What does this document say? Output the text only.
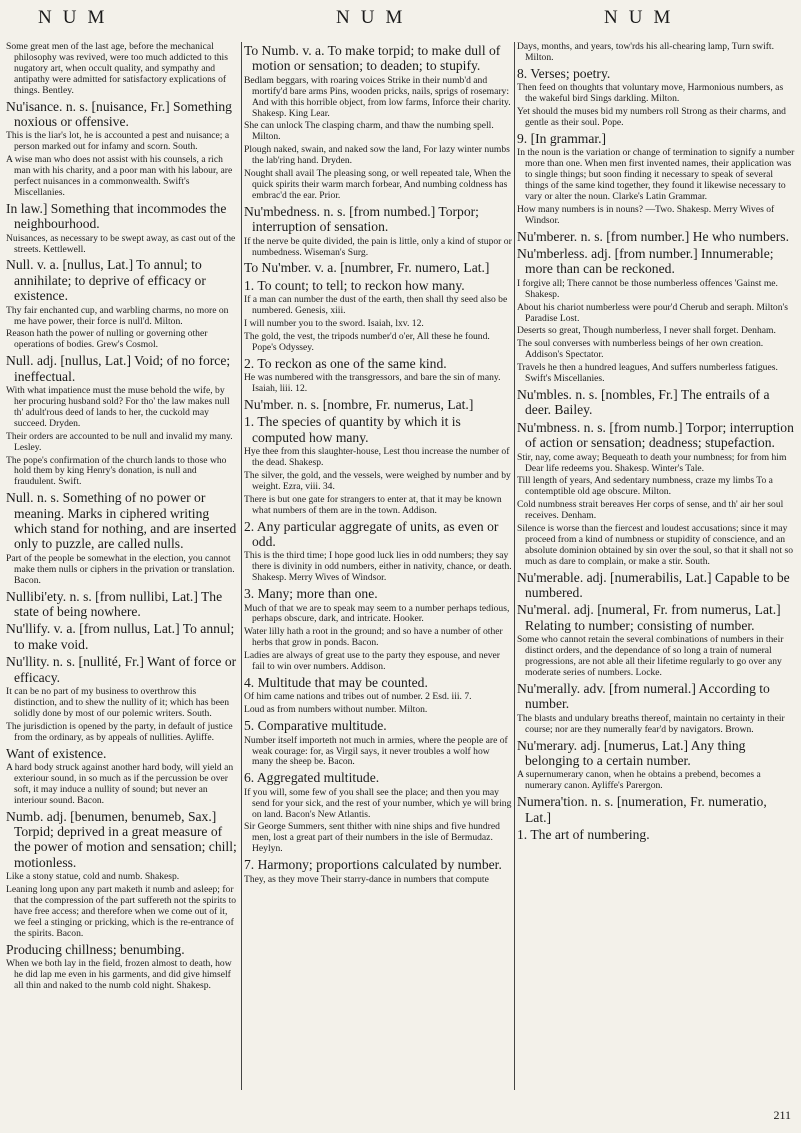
NUM	NUM	NUM

Some great men of the last age, before the mechanical philosophy was revived, were too much addicted to this nugatory art, when occult quality, and sympathy and antipathy were admitted for satisfactory explications of things. Bentley.

Nu'isance. n. s. [nuisance, Fr.] Something noxious or offensive.

This is the liar's lot, he is accounted a pest and nuisance; a person marked out for infamy and scorn. South.

A wise man who does not assist with his counsels, a rich man with his charity, and a poor man with his labour, are perfect nuisances in a commonwealth. Swift's Miscellanies.

In law.] Something that incommodes the neighbourhood.

Nuisances, as necessary to be swept away, as cast out of the streets. Kettlewell.

Null. v. a. [nullus, Lat.] To annul; to annihilate; to deprive of efficacy or existence.

Thy fair enchanted cup, and warbling charms, no more on me have power, their force is null'd. Milton.

Reason hath the power of nulling or governing other operations of bodies. Grew's Cosmol.

Null. adj. [nullus, Lat.] Void; of no force; ineffectual.

With what impatience must the muse behold the wife, by her procuring husband sold? For tho' the law makes null th' adult'rous deed of lands to her, the cuckold may succeed. Dryden.

Their orders are accounted to be null and invalid my many. Lesley.

The pope's confirmation of the church lands to those who hold them by king Henry's donation, is null and fraudulent. Swift.

Null. n. s. Something of no power or meaning. Marks in ciphered writing which stand for nothing, and are inserted only to puzzle, are called nulls.

Part of the people be somewhat in the election, you cannot make them nulls or ciphers in the privation or translation. Bacon.

Nullibi'ety. n. s. [from nullibi, Lat.] The state of being nowhere.

Nu'llify. v. a. [from nullus, Lat.] To annul; to make void.

Nu'llity. n. s. [nullité, Fr.] Want of force or efficacy.

It can be no part of my business to overthrow this distinction, and to shew the nullity of it; which has been solidly done by most of our polemic writers. South.

The jurisdiction is opened by the party, in default of justice from the ordinary, as by appeals of nullities. Ayliffe.

Want of existence.

A hard body struck against another hard body, will yield an exteriour sound, in so much as if the percussion be over soft, it may induce a nullity of sound; but never an interiour sound. Bacon.

Numb. adj. [benumen, benumeb, Sax.] Torpid; deprived in a great measure of the power of motion and sensation; chill; motionless.

Like a stony statue, cold and numb. Shakesp.

Leaning long upon any part maketh it numb and asleep; for that the compression of the part suffereth not the spirits to have free access; and therefore when we come out of it, we feel a stinging or pricking, which is the re-entrance of the spirits. Bacon.

Producing chillness; benumbing.

When we both lay in the field, frozen almost to death, how he did lap me even in his garments, and did give himself all thin and naked to the numb cold night. Shakesp.

To Numb. v. a. To make torpid; to make dull of motion or sensation; to deaden; to stupify.

Bedlam beggars, with roaring voices Strike in their numb'd and mortify'd bare arms Pins, wooden pricks, nails, sprigs of rosemary: And with this horrible object, from low farms, Inforce their charity. Shakesp. King Lear.

She can unlock The clasping charm, and thaw the numbing spell. Milton.

Plough naked, swain, and naked sow the land, For lazy winter numbs the lab'ring hand. Dryden.

Nought shall avail The pleasing song, or well repeated tale, When the quick spirits their warm march forbear, And numbing coldness has embrac'd the ear. Prior.

Nu'mbedness. n. s. [from numbed.] Torpor; interruption of sensation.

If the nerve be quite divided, the pain is little, only a kind of stupor or numbedness. Wiseman's Surg.

To Nu'mber. v. a. [numbrer, Fr. numero, Lat.]

1. To count; to tell; to reckon how many.

If a man can number the dust of the earth, then shall thy seed also be numbered. Genesis, xiii.

I will number you to the sword. Isaiah, lxv. 12.

The gold, the vest, the tripods number'd o'er, All these he found. Pope's Odyssey.

2. To reckon as one of the same kind.

He was numbered with the transgressors, and bare the sin of many. Isaiah, liii. 12.

Nu'mber. n. s. [nombre, Fr. numerus, Lat.]

1. The species of quantity by which it is computed how many.

Hye thee from this slaughter-house, Lest thou increase the number of the dead. Shakesp.

The silver, the gold, and the vessels, were weighed by number and by weight. Ezra, viii. 34.

There is but one gate for strangers to enter at, that it may be known what numbers of them are in the town. Addison.

2. Any particular aggregate of units, as even or odd.

This is the third time; I hope good luck lies in odd numbers; they say there is divinity in odd numbers, either in nativity, chance, or death. Shakesp. Merry Wives of Windsor.

3. Many; more than one.

Much of that we are to speak may seem to a number perhaps tedious, perhaps obscure, dark, and intricate. Hooker.

Water lilly hath a root in the ground; and so have a number of other herbs that grow in ponds. Bacon.

Ladies are always of great use to the party they espouse, and never fail to win over numbers. Addison.

4. Multitude that may be counted.

Of him came nations and tribes out of number. 2 Esd. iii. 7.

Loud as from numbers without number. Milton.

5. Comparative multitude.

Number itself importeth not much in armies, where the people are of weak courage: for, as Virgil says, it never troubles a wolf how many the sheep be. Bacon.

6. Aggregated multitude.

If you will, some few of you shall see the place; and then you may send for your sick, and the rest of your number, which ye will bring on land. Bacon's New Atlantis.

Sir George Summers, sent thither with nine ships and five hundred men, lost a great part of their numbers in the isle of Bermudaz. Heylyn.

7. Harmony; proportions calculated by number.

They, as they move Their starry-dance in numbers that compute

Days, months, and years, tow'rds his all-chearing lamp, Turn swift. Milton.

8. Verses; poetry.

Then feed on thoughts that voluntary move, Harmonious numbers, as the wakeful bird Sings darkling. Milton.

Yet should the muses bid my numbers roll Strong as their charms, and gentle as their soul. Pope.

9. [In grammar.]

In the noun is the variation or change of termination to signify a number more than one. When men first invented names, their application was to single things; but soon finding it necessary to speak of several things of the same kind together, they found it likewise necessary to vary or alter the noun. Clarke's Latin Grammar.

How many numbers is in nouns? —Two. Shakesp. Merry Wives of Windsor.

Nu'mberer. n. s. [from number.] He who numbers.

Nu'mberless. adj. [from number.] Innumerable; more than can be reckoned.

I forgive all; There cannot be those numberless offences 'Gainst me. Shakesp.

About his chariot numberless were pour'd Cherub and seraph. Milton's Paradise Lost.

Deserts so great, Though numberless, I never shall forget. Denham.

The soul converses with numberless beings of her own creation. Addison's Spectator.

Travels he then a hundred leagues, And suffers numberless fatigues. Swift's Miscellanies.

Nu'mbles. n. s. [nombles, Fr.] The entrails of a deer. Bailey.

Nu'mbness. n. s. [from numb.] Torpor; interruption of action or sensation; deadness; stupefaction.

Stir, nay, come away; Bequeath to death your numbness; for from him Dear life redeems you. Shakesp. Winter's Tale.

Till length of years, And sedentary numbness, craze my limbs To a contemptible old age obscure. Milton.

Cold numbness strait bereaves Her corps of sense, and th' air her soul receives. Denham.

Silence is worse than the fiercest and loudest accusations; since it may proceed from a kind of numbness or stupidity of conscience, and an absolute dominion obtained by sin over the soul, so that it shall not so much as dare to complain, or make a stir. South.

Nu'merable. adj. [numerabilis, Lat.] Capable to be numbered.

Nu'meral. adj. [numeral, Fr. from numerus, Lat.] Relating to number; consisting of number.

Some who cannot retain the several combinations of numbers in their distinct orders, and the dependance of so long a train of numeral progressions, are not able all their lifetime regularly to go over any moderate series of numbers. Locke.

Nu'merally. adv. [from numeral.] According to number.

The blasts and undulary breaths thereof, maintain no certainty in their course; nor are they numerally fear'd by navigators. Brown.

Nu'merary. adj. [numerus, Lat.] Any thing belonging to a certain number.

A supernumerary canon, when he obtains a prebend, becomes a numerary canon. Ayliffe's Parergon.

Numera'tion. n. s. [numeration, Fr. numeratio, Lat.]

1. The art of numbering.

211
